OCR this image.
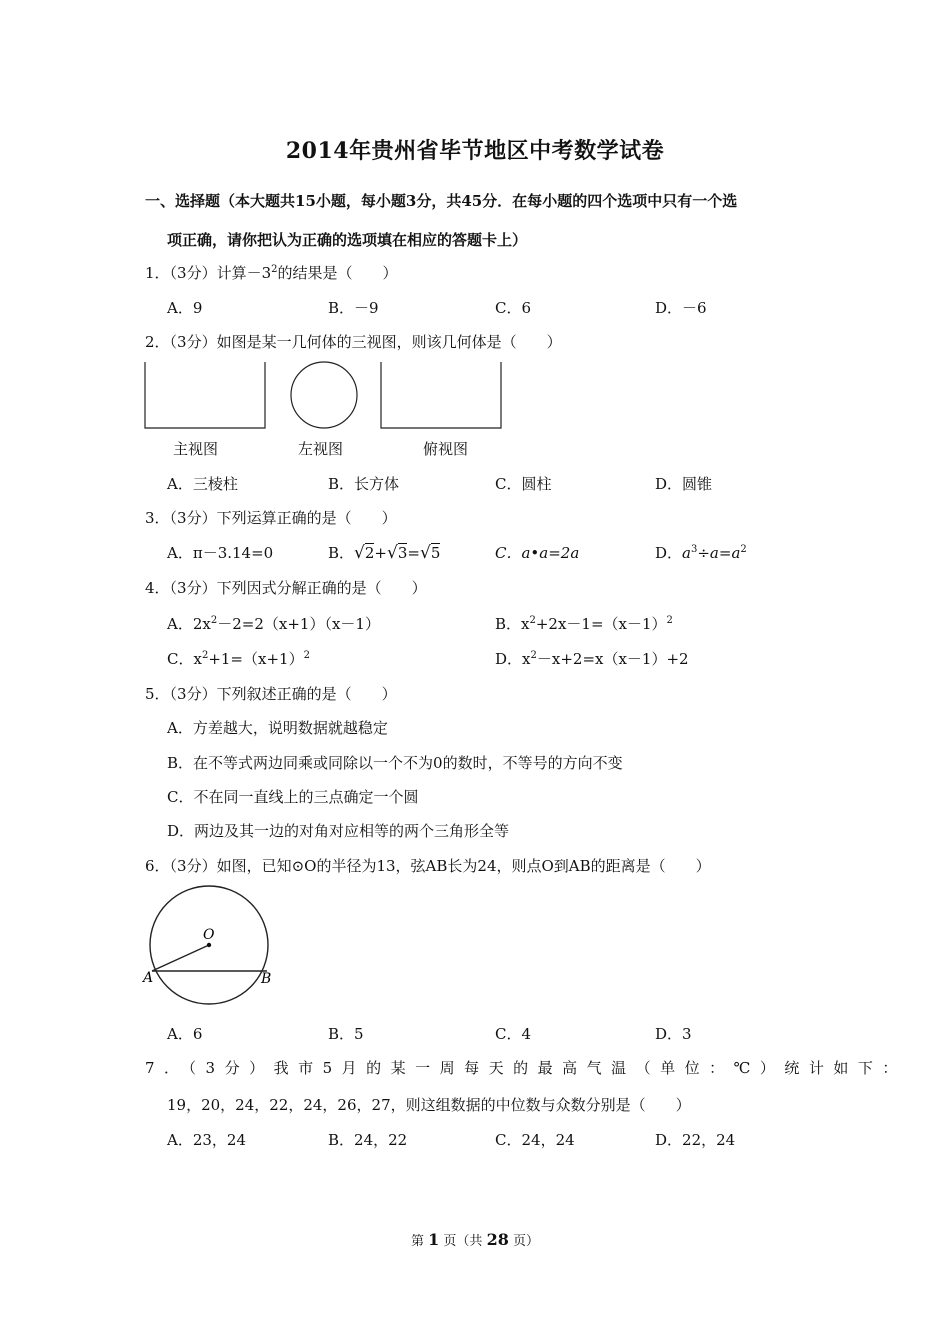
2014年贵州省毕节地区中考数学试卷
一、选择题（本大题共15小题，每小题3分，共45分．在每小题的四个选项中只有一个选
项正确，请你把认为正确的选项填在相应的答题卡上）
1．（3分）计算$-3^2$的结果是（　　）
A．9	B．－9	C．6	D．－6
2．（3分）如图是某一几何体的三视图，则该几何体是（　　）
主视图	左视图	俯视图
A．三棱柱	B．长方体	C．圆柱	D．圆锥
3．（3分）下列运算正确的是（　　）
A．π－3.14=0	B．√2+√3=√5	C．a•a=2a	D．$a^3\div a=a^2$
4．（3分）下列因式分解正确的是（　　）
A．$2x^2-2=2(x+1)(x-1)$	B．$x^2+2x-1=(x-1)^2$
C．$x^2+1=(x+1)^2$	D．$x^2-x+2=x(x-1)+2$
5．（3分）下列叙述正确的是（　　）
A．方差越大，说明数据就越稳定
B．在不等式两边同乘或同除以一个不为0的数时，不等号的方向不变
C．不在同一直线上的三点确定一个圆
D．两边及其一边的对角对应相等的两个三角形全等
6．（3分）如图，已知⊙O的半径为13，弦AB长为24，则点O到AB的距离是（　　）
O
A	B
A．6	B．5	C．4	D．3
7．（3分）我市5月的某一周每天的最高气温（单位：℃）统计如下：
19，20，24，22，24，26，27，则这组数据的中位数与众数分别是（　　）
A．23，24	B．24，22	C．24，24	D．22，24
第 1 页（共 28 页）
